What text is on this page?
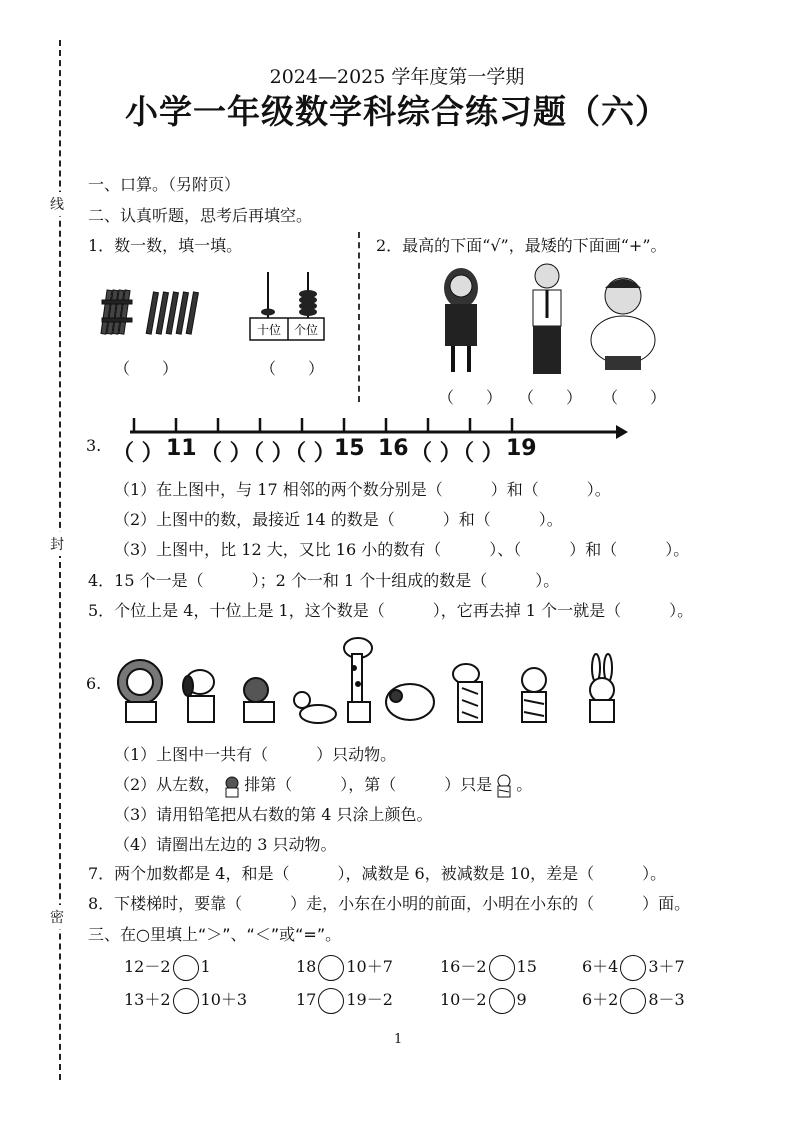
线
封
密
2024—2025 学年度第一学期
小学一年级数学科综合练习题（六）
一、口算。（另附页）
二、认真听题，思考后再填空。
1．数一数，填一填。
（　　）
十位 个位
（　　）
2．最高的下面“√”，最矮的下面画“+”。
（　　） （　　） （　　）
3. （ ） 11 （ ）
（ ）
（ ）
15 16 （ ）
（ ） 19
（1）在上图中，与 17 相邻的两个数分别是（　　　）和（　　　）。
（2）上图中的数，最接近 14 的数是（　　　）和（　　　）。
（3）上图中，比 12 大，又比 16 小的数有（　　　）、（　　　）和（　　　）。
4．15 个一是（　　　）；2 个一和 1 个十组成的数是（　　　）。
5．个位上是 4，十位上是 1，这个数是（　　　），它再去掉 1 个一就是（　　　）。
6.
（1）上图中一共有（　　　）只动物。
（2）从左数， 排第（　　　），第（　　　）只是 。
（3）请用铅笔把从右数的第 4 只涂上颜色。
（4）请圈出左边的 3 只动物。
7．两个加数都是 4，和是（　　　），减数是 6，被减数是 10，差是（　　　）。
8．下楼梯时，要靠（　　　）走，小东在小明的前面，小明在小东的（　　　）面。
三、在○里填上“＞”、“＜”或“=”。
12－2 1	18 10＋7	16－2 15	6＋4 3＋7
13＋2 10＋3	17 19－2	10－2 9	6＋2 8－3
1
